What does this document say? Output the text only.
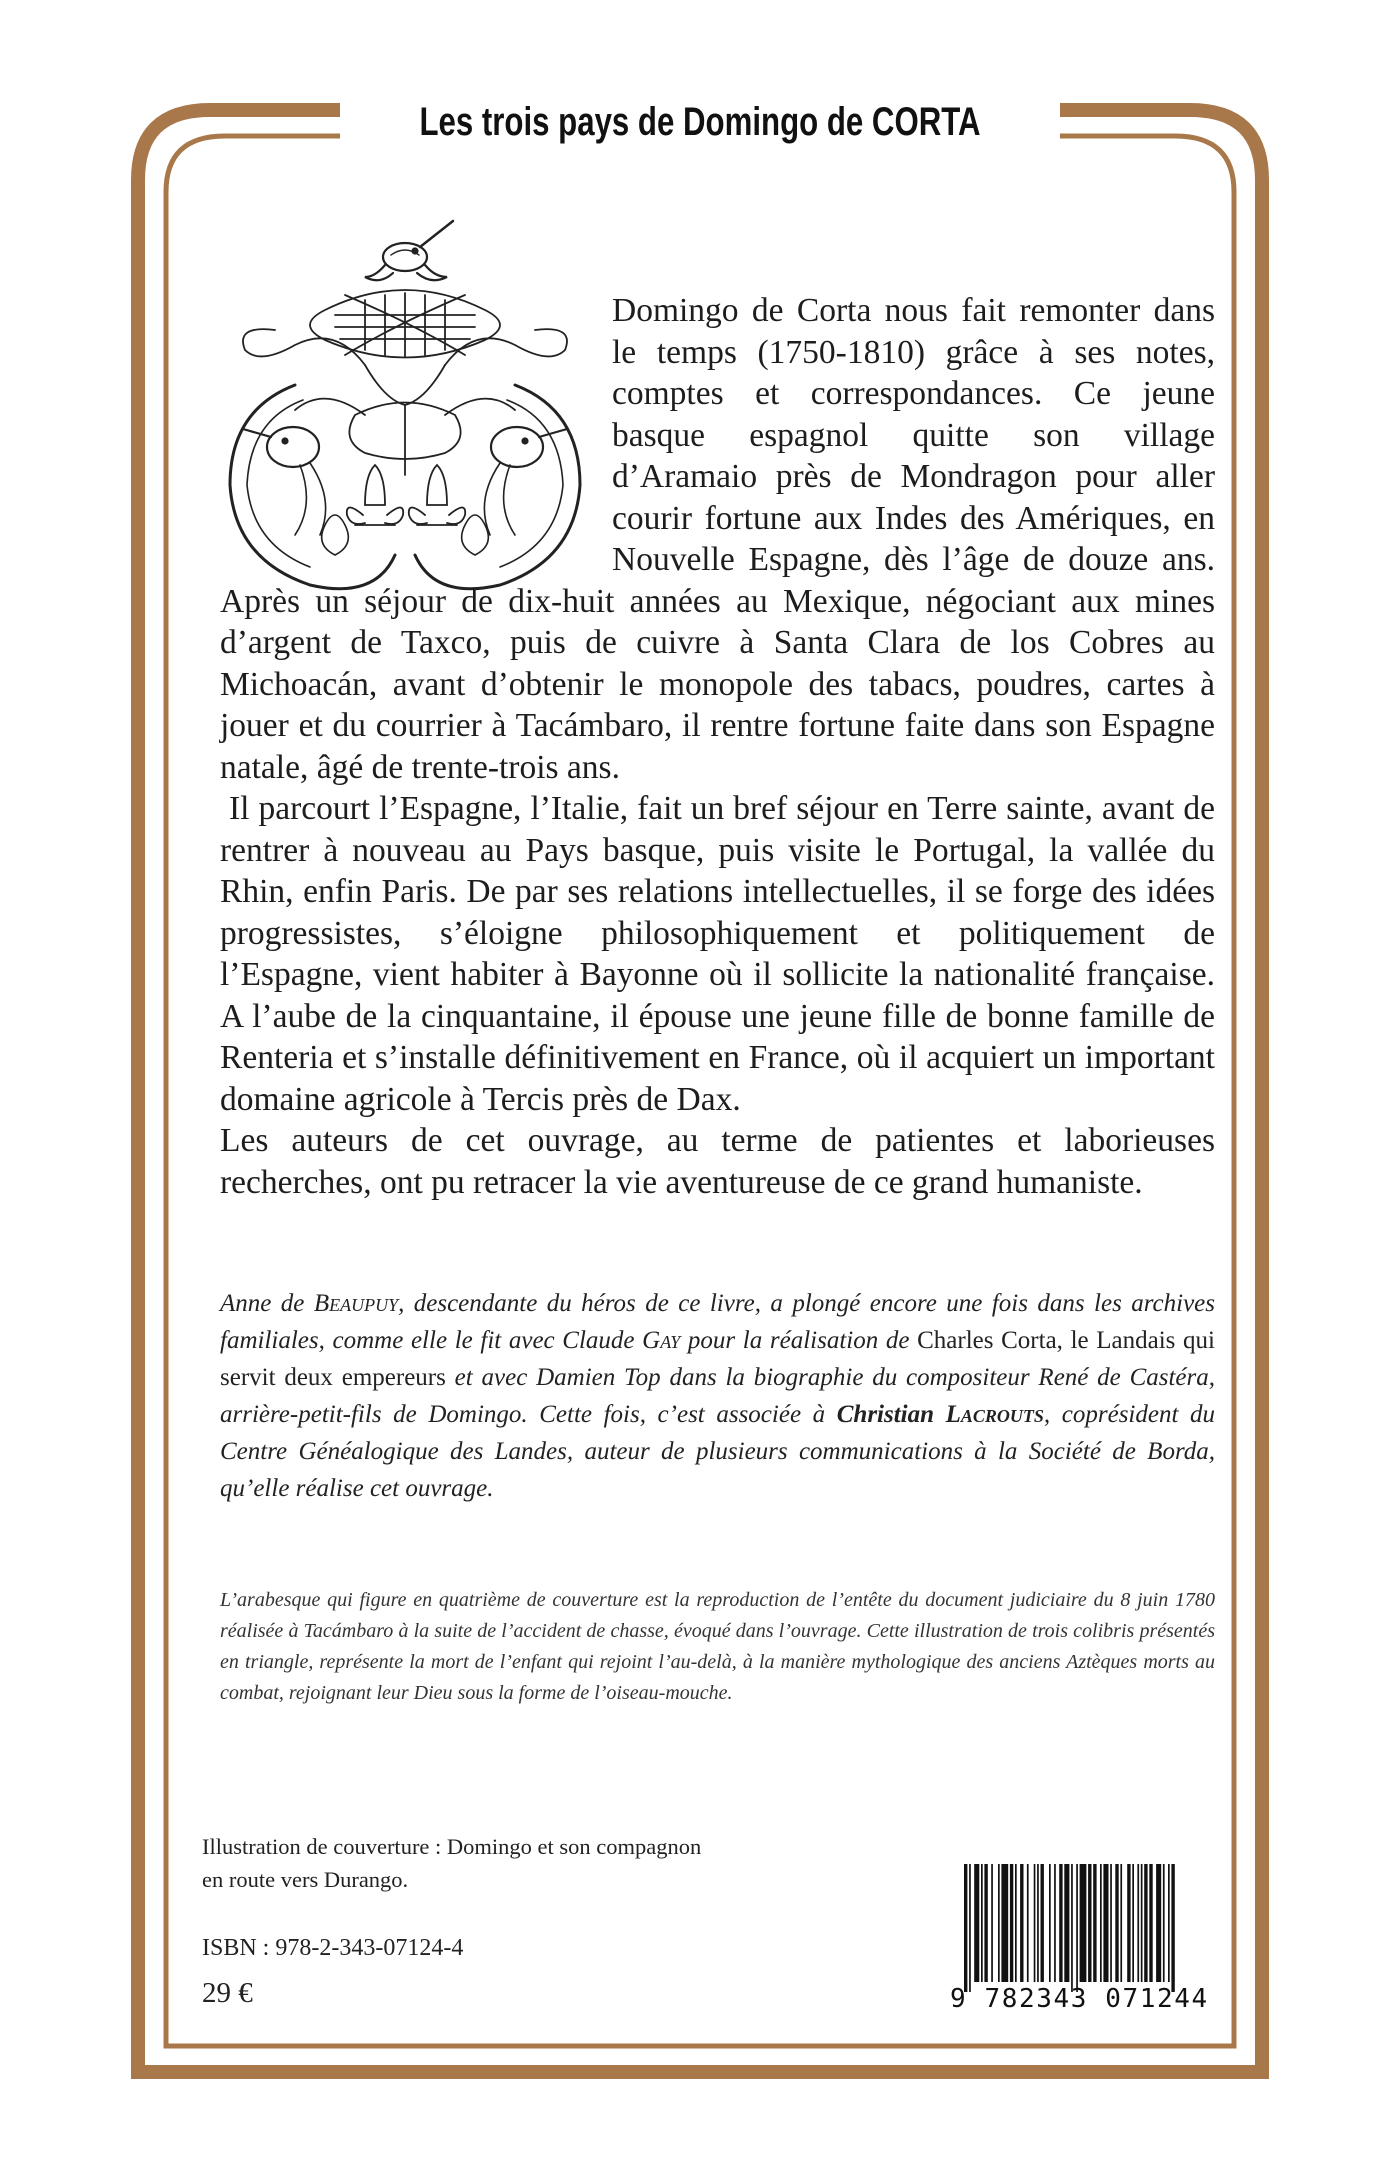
Les trois pays de Domingo de CORTA

Domingo de Corta nous fait remonter dans le temps (1750-1810) grâce à ses notes, comptes et correspondances. Ce jeune basque espagnol quitte son village d’Aramaio près de Mondragon pour aller courir fortune aux Indes des Amériques, en Nouvelle Espagne, dès l’âge de douze ans. Après un séjour de dix-huit années au Mexique, négociant aux mines d’argent de Taxco, puis de cuivre à Santa Clara de los Cobres au Michoacán, avant d’obtenir le monopole des tabacs, poudres, cartes à jouer et du courrier à Tacámbaro, il rentre fortune faite dans son Espagne natale, âgé de trente-trois ans.

Il parcourt l’Espagne, l’Italie, fait un bref séjour en Terre sainte, avant de rentrer à nouveau au Pays basque, puis visite le Portugal, la vallée du Rhin, enfin Paris. De par ses relations intellectuelles, il se forge des idées progressistes, s’éloigne philosophiquement et politiquement de l’Espagne, vient habiter à Bayonne où il sollicite la nationalité française. A l’aube de la cinquantaine, il épouse une jeune fille de bonne famille de Renteria et s’installe définitivement en France, où il acquiert un important domaine agricole à Tercis près de Dax.

Les auteurs de cet ouvrage, au terme de patientes et laborieuses recherches, ont pu retracer la vie aventureuse de ce grand humaniste.

Anne de Beaupuy, descendante du héros de ce livre, a plongé encore une fois dans les archives familiales, comme elle le fit avec Claude Gay pour la réalisation de Charles Corta, le Landais qui servit deux empereurs et avec Damien Top dans la biographie du compositeur René de Castéra, arrière-petit-fils de Domingo. Cette fois, c’est associée à Christian Lacrouts, coprésident du Centre Généalogique des Landes, auteur de plusieurs communications à la Société de Borda, qu’elle réalise cet ouvrage.
L’arabesque qui figure en quatrième de couverture est la reproduction de l’entête du document judiciaire du 8 juin 1780 réalisée à Tacámbaro à la suite de l’accident de chasse, évoqué dans l’ouvrage. Cette illustration de trois colibris présentés en triangle, représente la mort de l’enfant qui rejoint l’au-delà, à la manière mythologique des anciens Aztèques morts au combat, rejoignant leur Dieu sous la forme de l’oiseau-mouche.
Illustration de couverture : Domingo et son compagnon
en route vers Durango.
ISBN : 978-2-343-07124-4
29 €	9 782343 071244
